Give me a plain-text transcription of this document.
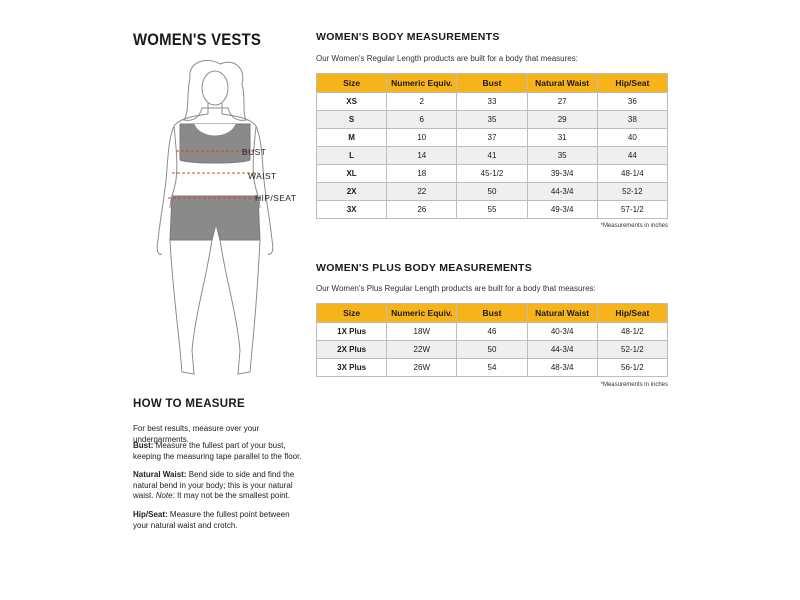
WOMEN'S VESTS
BUST
WAIST
HIP/SEAT
HOW TO MEASURE
For best results, measure over your undergarments.
Bust: Measure the fullest part of your bust, keeping the measuring tape parallel to the floor.
Natural Waist: Bend side to side and find the natural bend in your body; this is your natural waist. Note: It may not be the smallest point.
Hip/Seat: Measure the fullest point between your natural waist and crotch.
WOMEN'S BODY MEASUREMENTS
Our Women's Regular Length products are built for a body that measures:
Size	Numeric Equiv.	Bust	Natural Waist	Hip/Seat
XS	2	33	27	36
S	6	35	29	38
M	10	37	31	40
L	14	41	35	44
XL	18	45-1/2	39-3/4	48-1/4
2X	22	50	44-3/4	52-12
3X	26	55	49-3/4	57-1/2
*Measurements in inches
WOMEN'S PLUS BODY MEASUREMENTS
Our Women's Plus Regular Length products are built for a body that measures:
Size	Numeric Equiv.	Bust	Natural Waist	Hip/Seat
1X Plus	18W	46	40-3/4	48-1/2
2X Plus	22W	50	44-3/4	52-1/2
3X Plus	26W	54	48-3/4	56-1/2
*Measurements in inches
